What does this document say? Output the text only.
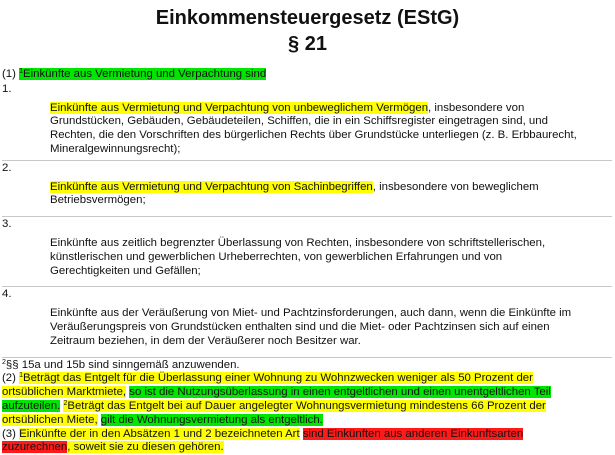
Einkommensteuergesetz (EStG)
§ 21
(1) $^1$Einkünfte aus Vermietung und Verpachtung sind
1.
Einkünfte aus Vermietung und Verpachtung von unbeweglichem Vermögen, insbesondere von
Grundstücken, Gebäuden, Gebäudeteilen, Schiffen, die in ein Schiffsregister eingetragen sind, und
Rechten, die den Vorschriften des bürgerlichen Rechts über Grundstücke unterliegen (z. B. Erbbaurecht,
Mineralgewinnungsrecht);
2.
Einkünfte aus Vermietung und Verpachtung von Sachinbegriffen, insbesondere von beweglichem
Betriebsvermögen;
3.
Einkünfte aus zeitlich begrenzter Überlassung von Rechten, insbesondere von schriftstellerischen,
künstlerischen und gewerblichen Urheberrechten, von gewerblichen Erfahrungen und von
Gerechtigkeiten und Gefällen;
4.
Einkünfte aus der Veräußerung von Miet- und Pachtzinsforderungen, auch dann, wenn die Einkünfte im
Veräußerungspreis von Grundstücken enthalten sind und die Miet- oder Pachtzinsen sich auf einen
Zeitraum beziehen, in dem der Veräußerer noch Besitzer war.
$^2$§§ 15a und 15b sind sinngemäß anzuwenden.
(2) $^1$Beträgt das Entgelt für die Überlassung einer Wohnung zu Wohnzwecken weniger als 50 Prozent der
ortsüblichen Marktmiete, so ist die Nutzungsüberlassung in einen entgeltlichen und einen unentgeltlichen Teil
aufzuteilen. $^2$Beträgt das Entgelt bei auf Dauer angelegter Wohnungsvermietung mindestens 66 Prozent der
ortsüblichen Miete, gilt die Wohnungsvermietung als entgeltlich.
(3) Einkünfte der in den Absätzen 1 und 2 bezeichneten Art sind Einkünften aus anderen Einkunftsarten
zuzurechnen, soweit sie zu diesen gehören.
